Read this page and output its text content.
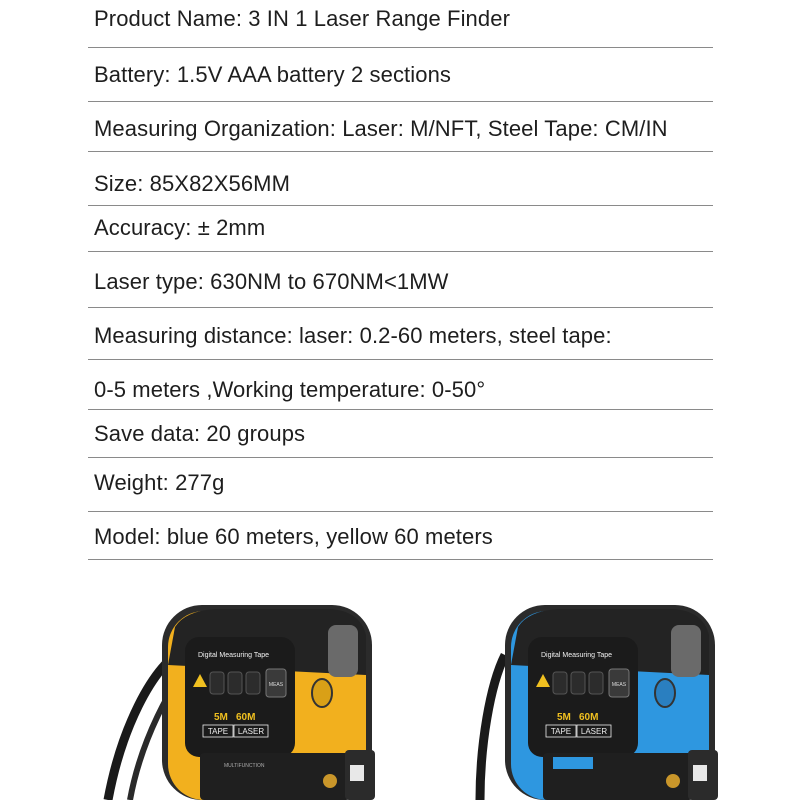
Product Name: 3 IN 1 Laser Range Finder
Battery: 1.5V AAA battery 2 sections
Measuring Organization: Laser: M/NFT, Steel Tape: CM/IN
Size: 85X82X56MM
Accuracy: ± 2mm
Laser type: 630NM to 670NM<1MW
Measuring distance: laser: 0.2-60 meters, steel tape:
0-5 meters ,Working temperature: 0-50°
Save data: 20 groups
Weight: 277g
Model: blue 60 meters, yellow 60 meters
Digital Measuring Tape
MEAS
5M 60M
TAPE LASER
MULTIFUNCTION
Digital Measuring Tape
MEAS
5M 60M
TAPE LASER
